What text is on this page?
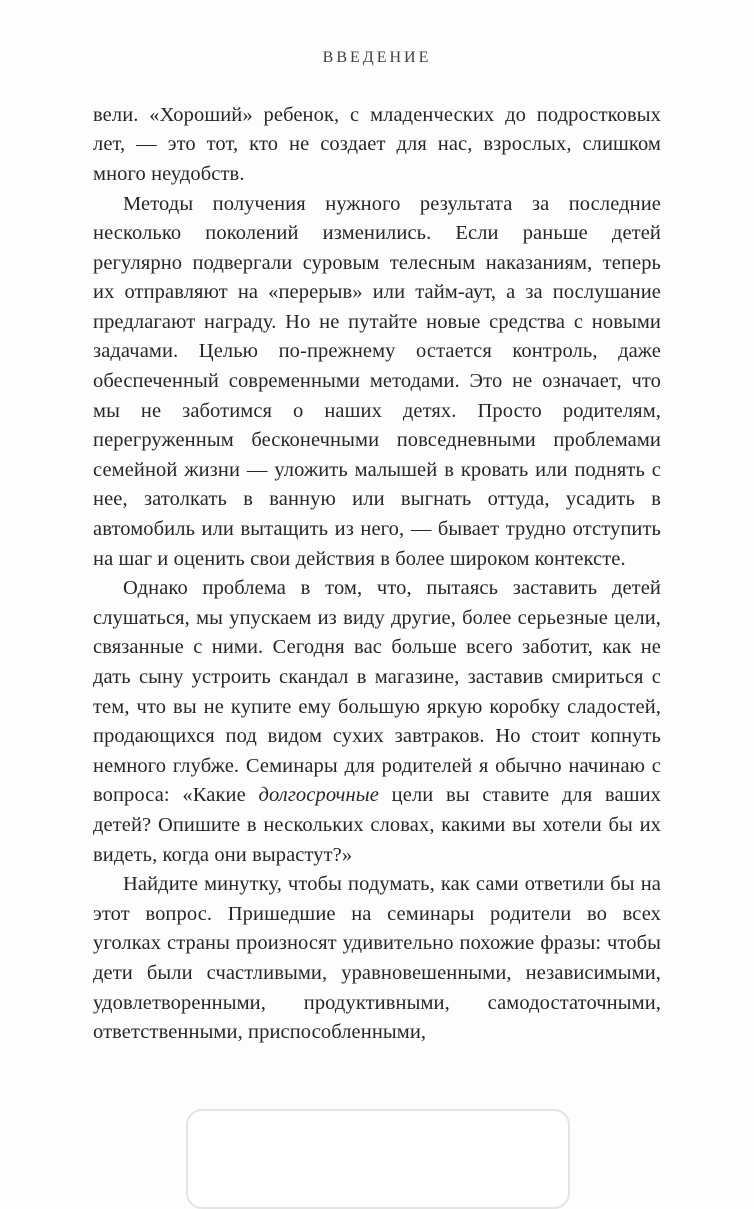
ВВЕДЕНИЕ

вели. «Хороший» ребенок, с младенческих до подростковых лет, — это тот, кто не создает для нас, взрослых, слишком много неудобств.

Методы получения нужного результата за последние несколько поколений изменились. Если раньше детей регулярно подвергали суровым телесным наказаниям, теперь их отправляют на «перерыв» или тайм-аут, а за послушание предлагают награду. Но не путайте новые средства с новыми задачами. Целью по-прежнему остается контроль, даже обеспеченный современными методами. Это не означает, что мы не заботимся о наших детях. Просто родителям, перегруженным бесконечными повседневными проблемами семейной жизни — уложить малышей в кровать или поднять с нее, затолкать в ванную или выгнать оттуда, усадить в автомобиль или вытащить из него, — бывает трудно отступить на шаг и оценить свои действия в более широком контексте.

Однако проблема в том, что, пытаясь заставить детей слушаться, мы упускаем из виду другие, более серьезные цели, связанные с ними. Сегодня вас больше всего заботит, как не дать сыну устроить скандал в магазине, заставив смириться с тем, что вы не купите ему большую яркую коробку сладостей, продающихся под видом сухих завтраков. Но стоит копнуть немного глубже. Семинары для родителей я обычно начинаю с вопроса: «Какие долгосрочные цели вы ставите для ваших детей? Опишите в нескольких словах, какими вы хотели бы их видеть, когда они вырастут?»

Найдите минутку, чтобы подумать, как сами ответили бы на этот вопрос. Пришедшие на семинары родители во всех уголках страны произносят удивительно похожие фразы: чтобы дети были счастливыми, уравновешенными, независимыми, удовлетворенными, продуктивными, самодостаточными, ответственными, приспособленными,
